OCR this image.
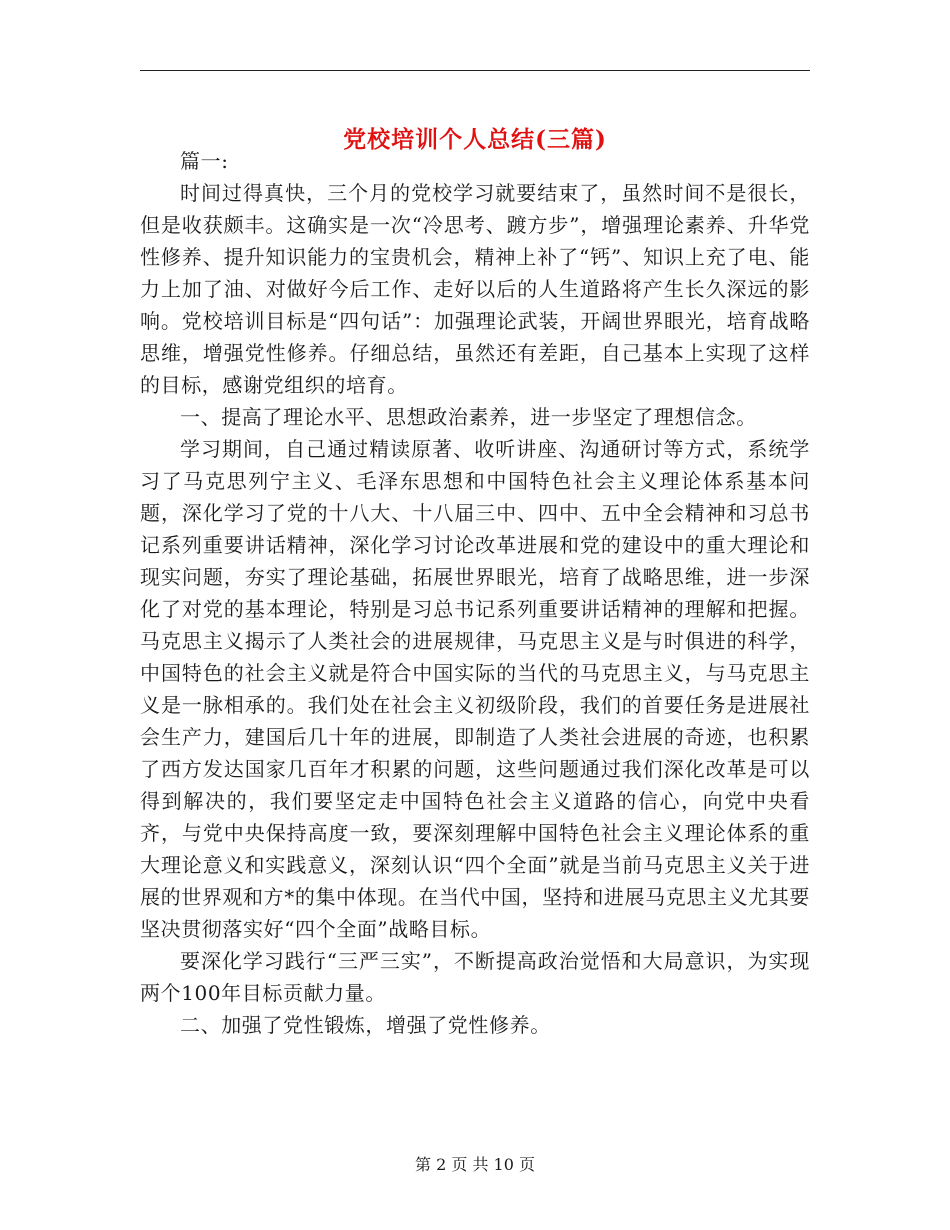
党校培训个人总结(三篇)

篇一:

时间过得真快，三个月的党校学习就要结束了，虽然时间不是很长，但是收获颇丰。这确实是一次“冷思考、踱方步”，增强理论素养、升华党性修养、提升知识能力的宝贵机会，精神上补了“钙”、知识上充了电、能力上加了油、对做好今后工作、走好以后的人生道路将产生长久深远的影响。党校培训目标是“四句话”：加强理论武装，开阔世界眼光，培育战略思维，增强党性修养。仔细总结，虽然还有差距，自己基本上实现了这样的目标，感谢党组织的培育。

一、提高了理论水平、思想政治素养，进一步坚定了理想信念。

学习期间，自己通过精读原著、收听讲座、沟通研讨等方式，系统学习了马克思列宁主义、毛泽东思想和中国特色社会主义理论体系基本问题，深化学习了党的十八大、十八届三中、四中、五中全会精神和习总书记系列重要讲话精神，深化学习讨论改革进展和党的建设中的重大理论和现实问题，夯实了理论基础，拓展世界眼光，培育了战略思维，进一步深化了对党的基本理论，特别是习总书记系列重要讲话精神的理解和把握。马克思主义揭示了人类社会的进展规律，马克思主义是与时俱进的科学，中国特色的社会主义就是符合中国实际的当代的马克思主义，与马克思主义是一脉相承的。我们处在社会主义初级阶段，我们的首要任务是进展社会生产力，建国后几十年的进展，即制造了人类社会进展的奇迹，也积累了西方发达国家几百年才积累的问题，这些问题通过我们深化改革是可以得到解决的，我们要坚定走中国特色社会主义道路的信心，向党中央看齐，与党中央保持高度一致，要深刻理解中国特色社会主义理论体系的重大理论意义和实践意义，深刻认识“四个全面”就是当前马克思主义关于进展的世界观和方*的集中体现。在当代中国，坚持和进展马克思主义尤其要坚决贯彻落实好“四个全面”战略目标。

要深化学习践行“三严三实”，不断提高政治觉悟和大局意识，为实现两个100年目标贡献力量。

二、加强了党性锻炼，增强了党性修养。

第 2 页 共 10 页
